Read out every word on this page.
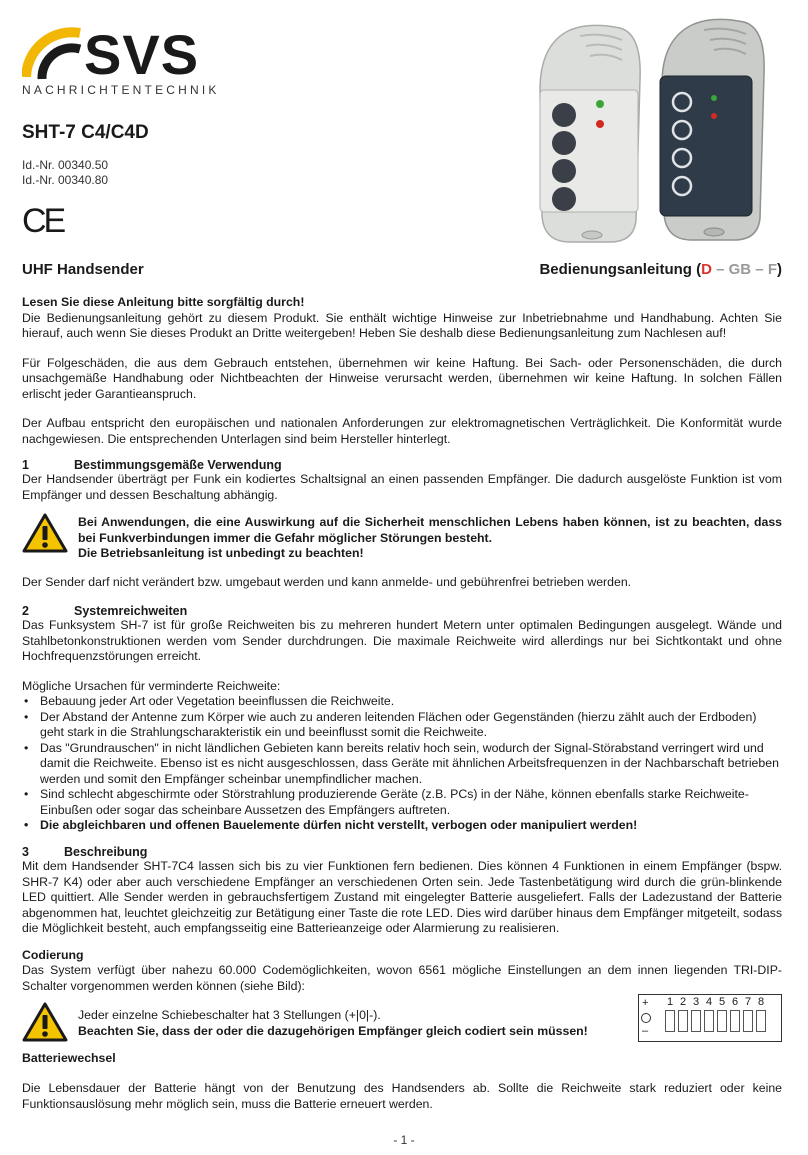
SVS
NACHRICHTENTECHNIK
SHT-7 C4/C4D
Id.-Nr. 00340.50
Id.-Nr. 00340.80
CE
UHF Handsender	Bedienungsanleitung (D – GB – F)

Lesen Sie diese Anleitung bitte sorgfältig durch!

Die Bedienungsanleitung gehört zu diesem Produkt. Sie enthält wichtige Hinweise zur Inbetriebnahme und Handhabung. Achten Sie hierauf, auch wenn Sie dieses Produkt an Dritte weitergeben! Heben Sie deshalb diese Bedienungsanleitung zum Nachlesen auf!

Für Folgeschäden, die aus dem Gebrauch entstehen, übernehmen wir keine Haftung. Bei Sach- oder Personenschäden, die durch unsachgemäße Handhabung oder Nichtbeachten der Hinweise verursacht werden, übernehmen wir keine Haftung. In solchen Fällen erlischt jeder Garantieanspruch.

Der Aufbau entspricht den europäischen und nationalen Anforderungen zur elektromagnetischen Verträglichkeit. Die Konformität wurde nachgewiesen. Die entsprechenden Unterlagen sind beim Hersteller hinterlegt.

1	Bestimmungsgemäße Verwendung

Der Handsender überträgt per Funk ein kodiertes Schaltsignal an einen passenden Empfänger. Die dadurch ausgelöste Funktion ist vom Empfänger und dessen Beschaltung abhängig.

Bei Anwendungen, die eine Auswirkung auf die Sicherheit menschlichen Lebens haben können, ist zu beachten, dass bei Funkverbindungen immer die Gefahr möglicher Störungen besteht.

Die Betriebsanleitung ist unbedingt zu beachten!

Der Sender darf nicht verändert bzw. umgebaut werden und kann anmelde- und gebührenfrei betrieben werden.

2	Systemreichweiten

Das Funksystem SH-7 ist für große Reichweiten bis zu mehreren hundert Metern unter optimalen Bedingungen ausgelegt. Wände und Stahlbetonkonstruktionen werden vom Sender durchdrungen. Die maximale Reichweite wird allerdings nur bei Sichtkontakt und ohne Hochfrequenzstörungen erreicht.

Mögliche Ursachen für verminderte Reichweite:

• Bebauung jeder Art oder Vegetation beeinflussen die Reichweite.
• Der Abstand der Antenne zum Körper wie auch zu anderen leitenden Flächen oder Gegenständen (hierzu zählt auch der Erdboden) geht stark in die Strahlungscharakteristik ein und beeinflusst somit die Reichweite.
• Das "Grundrauschen" in nicht ländlichen Gebieten kann bereits relativ hoch sein, wodurch der Signal-Störabstand verringert wird und damit die Reichweite. Ebenso ist es nicht ausgeschlossen, dass Geräte mit ähnlichen Arbeitsfrequenzen in der Nachbarschaft betrieben werden und somit den Empfänger scheinbar unempfindlicher machen.
• Sind schlecht abgeschirmte oder Störstrahlung produzierende Geräte (z.B. PCs) in der Nähe, können ebenfalls starke Reichweite-Einbußen oder sogar das scheinbare Aussetzen des Empfängers auftreten.
• Die abgleichbaren und offenen Bauelemente dürfen nicht verstellt, verbogen oder manipuliert werden!
3	Beschreibung

Mit dem Handsender SHT-7C4 lassen sich bis zu vier Funktionen fern bedienen. Dies können 4 Funktionen in einem Empfänger (bspw. SHR-7 K4) oder aber auch verschiedene Empfänger an verschiedenen Orten sein. Jede Tastenbetätigung wird durch die grün-blinkende LED quittiert. Alle Sender werden in gebrauchsfertigem Zustand mit eingelegter Batterie ausgeliefert. Falls der Ladezustand der Batterie abgenommen hat, leuchtet gleichzeitig zur Betätigung einer Taste die rote LED. Dies wird darüber hinaus dem Empfänger mitgeteilt, sodass die Möglichkeit besteht, auch empfangsseitig eine Batterieanzeige oder Alarmierung zu realisieren.

Codierung

Das System verfügt über nahezu 60.000 Codemöglichkeiten, wovon 6561 mögliche Einstellungen an dem innen liegenden TRI-DIP-Schalter vorgenommen werden können (siehe Bild):

Jeder einzelne Schiebeschalter hat 3 Stellungen (+|0|-).

Beachten Sie, dass der oder die dazugehörigen Empfänger gleich codiert sein müssen!

+
–
1 2 3 4 5 6 7 8

Batteriewechsel

Die Lebensdauer der Batterie hängt von der Benutzung des Handsenders ab. Sollte die Reichweite stark reduziert oder keine Funktionsauslösung mehr möglich sein, muss die Batterie erneuert werden.

- 1 -
